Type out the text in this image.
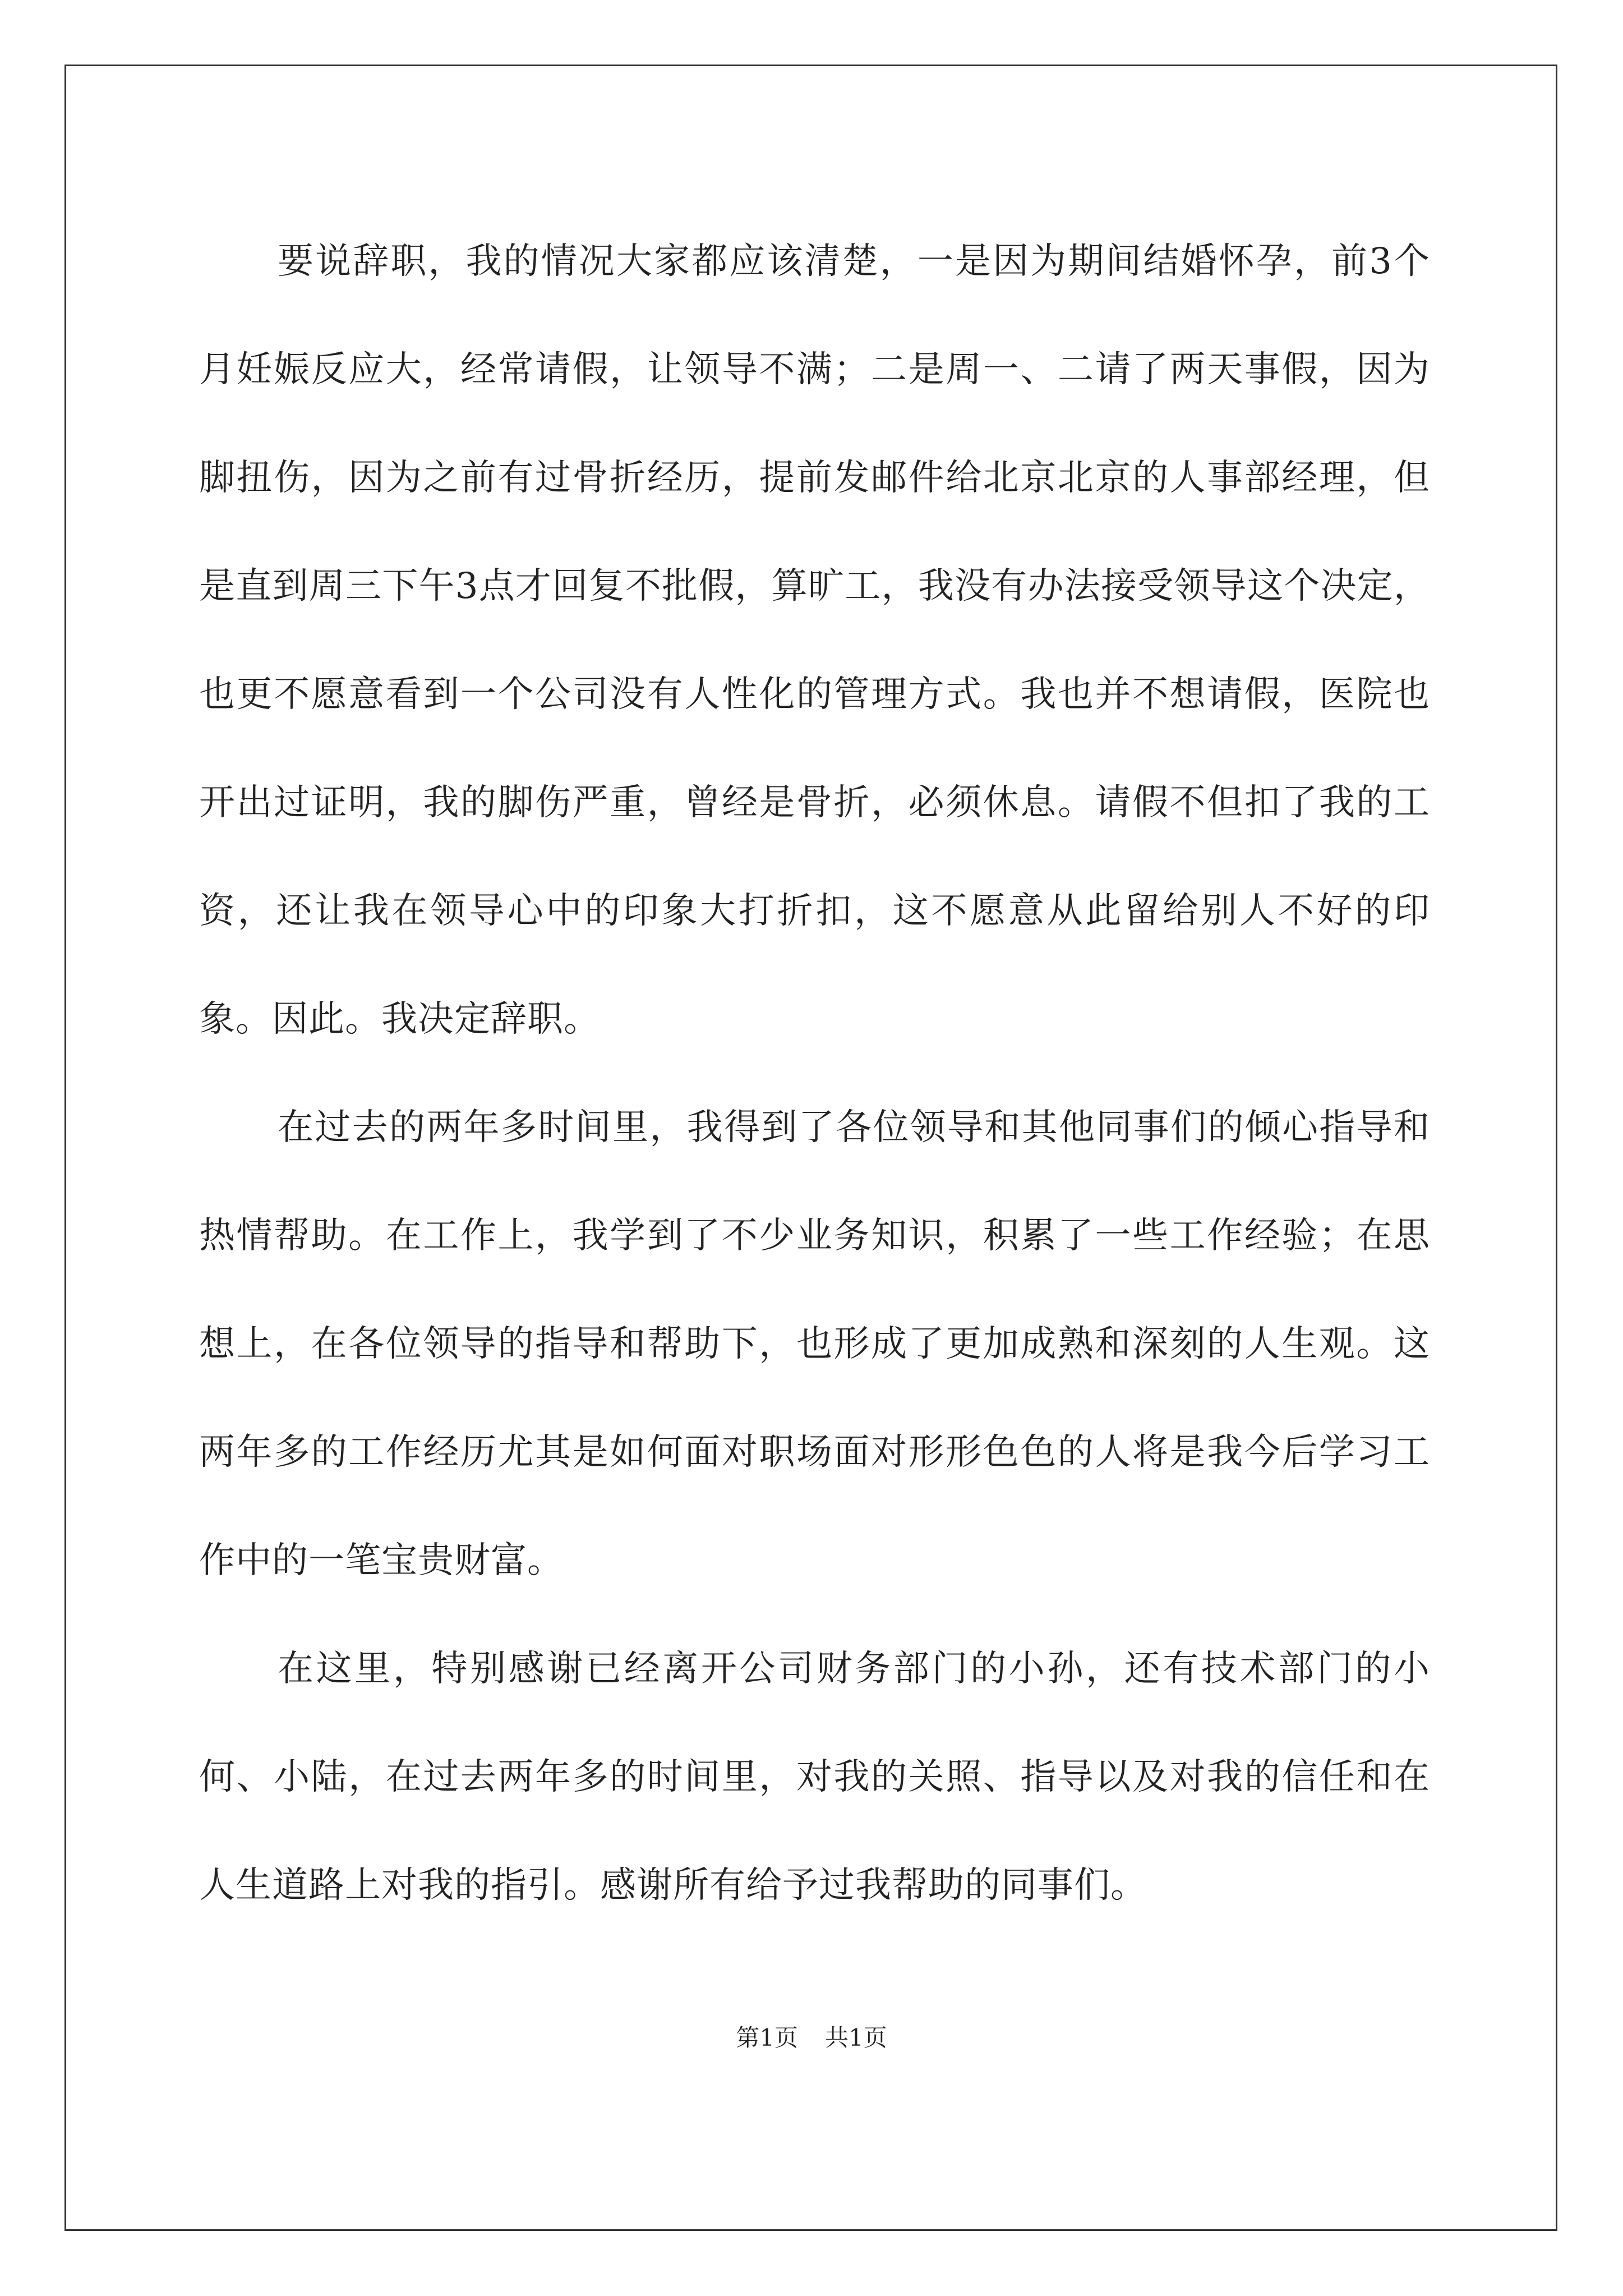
要说辞职，我的情况大家都应该清楚，一是因为期间结婚怀孕，前3个月妊娠反应大，经常请假，让领导不满；二是周一、二请了两天事假，因为脚扭伤，因为之前有过骨折经历，提前发邮件给北京北京的人事部经理，但是直到周三下午3点才回复不批假，算旷工，我没有办法接受领导这个决定，也更不愿意看到一个公司没有人性化的管理方式。我也并不想请假，医院也开出过证明，我的脚伤严重，曾经是骨折，必须休息。请假不但扣了我的工资，还让我在领导心中的印象大打折扣，这不愿意从此留给别人不好的印象。因此。我决定辞职。

在过去的两年多时间里，我得到了各位领导和其他同事们的倾心指导和热情帮助。在工作上，我学到了不少业务知识，积累了一些工作经验；在思想上，在各位领导的指导和帮助下，也形成了更加成熟和深刻的人生观。这两年多的工作经历尤其是如何面对职场面对形形色色的人将是我今后学习工作中的一笔宝贵财富。

在这里，特别感谢已经离开公司财务部门的小孙，还有技术部门的小何、小陆，在过去两年多的时间里，对我的关照、指导以及对我的信任和在人生道路上对我的指引。感谢所有给予过我帮助的同事们。

第1页 共1页
